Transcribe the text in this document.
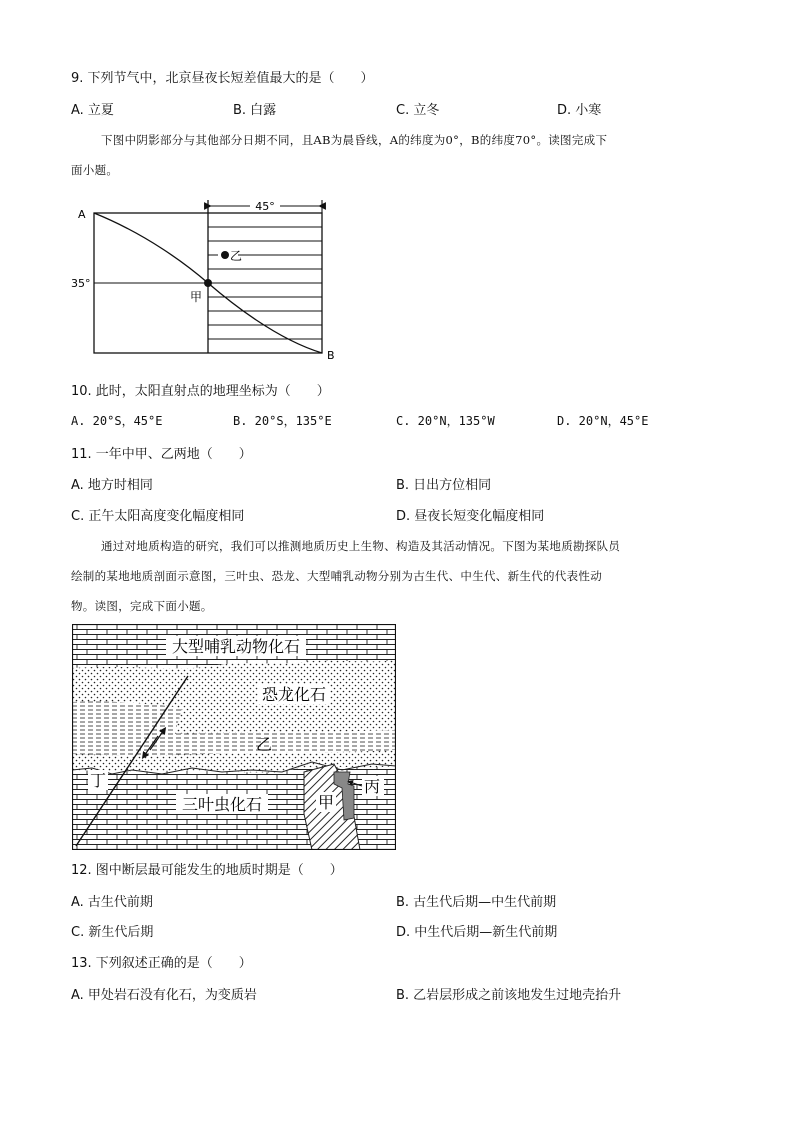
9. 下列节气中，北京昼夜长短差值最大的是（　　）
A. 立夏	B. 白露	C. 立冬	D. 小寒
下图中阴影部分与其他部分日期不同，且AB为晨昏线，A的纬度为0°，B的纬度70°。读图完成下
面小题。
45°
A
B
35°
乙
甲
10. 此时，太阳直射点的地理坐标为（　　）
A. 20°S，45°E	B. 20°S，135°E	C. 20°N，135°W	D. 20°N，45°E
11. 一年中甲、乙两地（　　）
A. 地方时相同	B. 日出方位相同
C. 正午太阳高度变化幅度相同	D. 昼夜长短变化幅度相同
通过对地质构造的研究，我们可以推测地质历史上生物、构造及其活动情况。下图为某地质勘探队员
绘制的某地地质剖面示意图，三叶虫、恐龙、大型哺乳动物分别为古生代、中生代、新生代的代表性动
物。读图，完成下面小题。
大型哺乳动物化石
恐龙化石
乙
丁
三叶虫化石	甲
丙
12. 图中断层最可能发生的地质时期是（　　）
A. 古生代前期	B. 古生代后期—中生代前期
C. 新生代后期	D. 中生代后期—新生代前期
13. 下列叙述正确的是（　　）
A. 甲处岩石没有化石，为变质岩	B. 乙岩层形成之前该地发生过地壳抬升
